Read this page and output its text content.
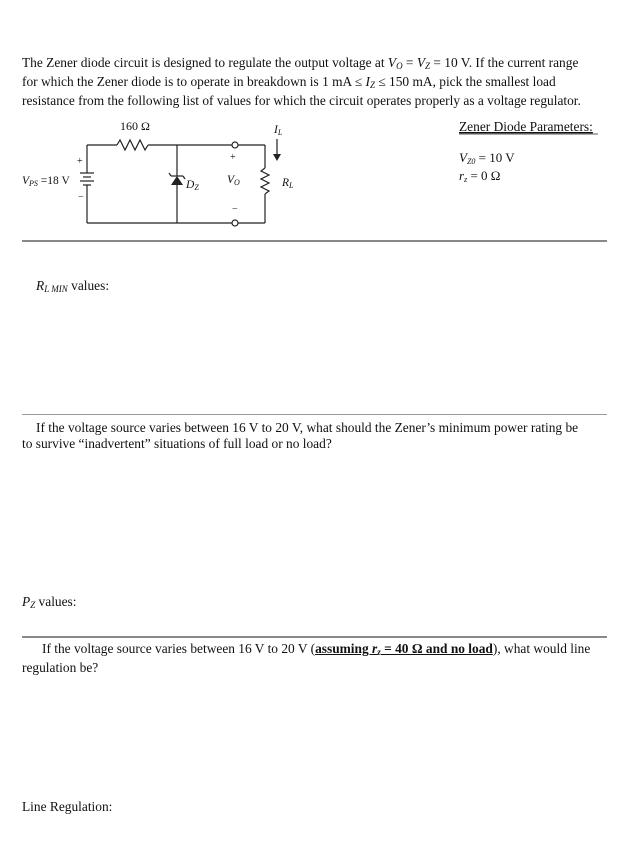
The Zener diode circuit is designed to regulate the output voltage at $V_O = V_Z = 10$ V. If the current range
for which the Zener diode is to operate in breakdown is 1 mA ≤ $I_Z \le 150$ mA, pick the smallest load
resistance from the following list of values for which the circuit operates properly as a voltage regulator.
160 Ω
+
−
VPS =18 V	DZ
+
VO
−
IL
RL
Zener Diode Parameters:
VZ0 = 10 V
rz = 0 Ω
$R_{L MIN}$ values:
If the voltage source varies between 16 V to 20 V, what should the Zener’s minimum power rating be
to survive “inadvertent” situations of full load or no load?
$P_Z$ values:
If the voltage source varies between 16 V to 20 V (assuming $r_z = 40$ Ω and no load), what would line
regulation be?
Line Regulation:
